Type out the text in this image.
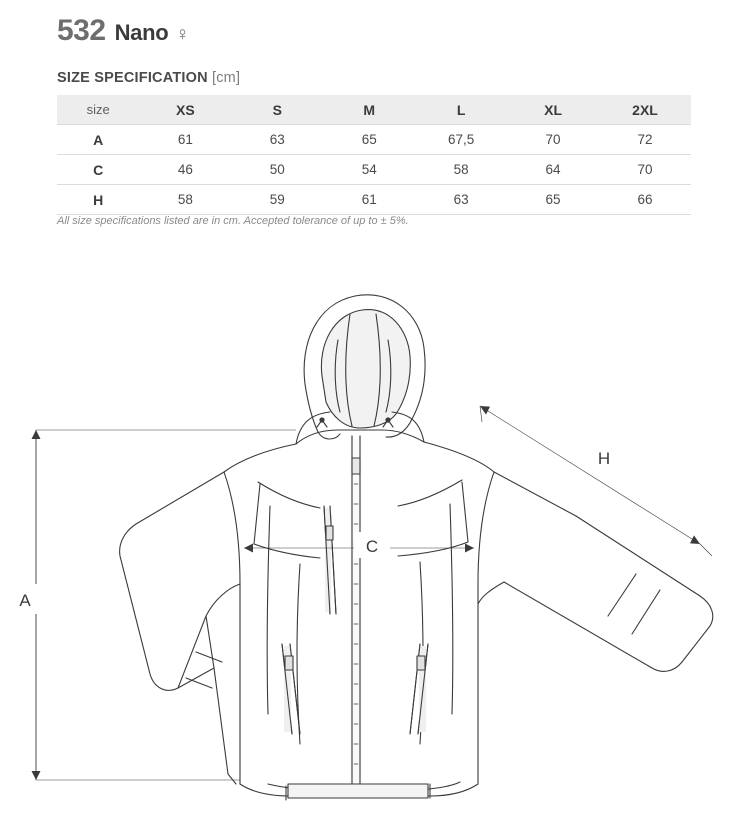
532 Nano ♀
SIZE SPECIFICATION [cm]
size	XS	S	M	L	XL	2XL
A	61	63	65	67,5	70	72
C	46	50	54	58	64	70
H	58	59	61	63	65	66
All size specifications listed are in cm. Accepted tolerance of up to ± 5%.
A
C
H
